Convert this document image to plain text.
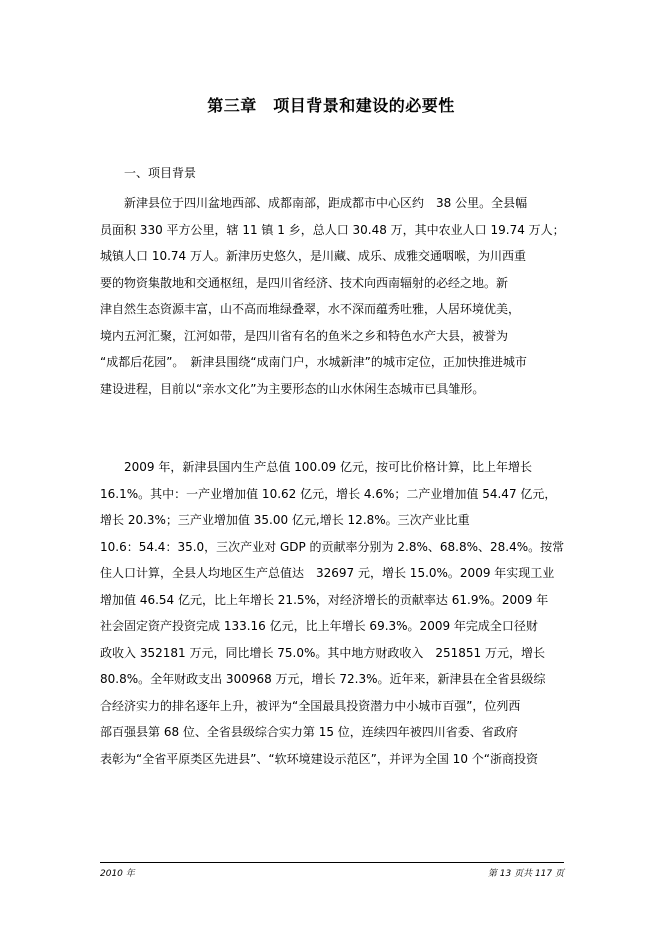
第三章　项目背景和建设的必要性
一、项目背景
新津县位于四川盆地西部、成都南部，距成都市中心区约　38 公里。全县幅
员面积 330 平方公里，辖 11 镇 1 乡，总人口 30.48 万，其中农业人口 19.74 万人；
城镇人口 10.74 万人。新津历史悠久，是川藏、成乐、成雅交通咽喉，为川西重
要的物资集散地和交通枢纽，是四川省经济、技术向西南辐射的必经之地。新
津自然生态资源丰富，山不高而堆绿叠翠，水不深而蕴秀吐雅，人居环境优美，
境内五河汇聚，江河如带，是四川省有名的鱼米之乡和特色水产大县，被誉为
“成都后花园”。　新津县围绕“成南门户，水城新津”的城市定位，正加快推进城市
建设进程，目前以“亲水文化”为主要形态的山水休闲生态城市已具雏形。
2009 年，新津县国内生产总值 100.09 亿元，按可比价格计算，比上年增长
16.1%。其中：一产业增加值 10.62 亿元，增长 4.6%；二产业增加值 54.47 亿元，
增长 20.3%；三产业增加值 35.00 亿元,增长 12.8%。三次产业比重
10.6：54.4：35.0，三次产业对 GDP 的贡献率分别为 2.8%、68.8%、28.4%。按常
住人口计算，全县人均地区生产总值达　32697 元，增长 15.0%。2009 年实现工业
增加值 46.54 亿元，比上年增长 21.5%，对经济增长的贡献率达 61.9%。2009 年
社会固定资产投资完成 133.16 亿元，比上年增长 69.3%。2009 年完成全口径财
政收入 352181 万元，同比增长 75.0%。其中地方财政收入　251851 万元，增长
80.8%。全年财政支出 300968 万元，增长 72.3%。近年来，新津县在全省县级综
合经济实力的排名逐年上升，被评为“全国最具投资潜力中小城市百强”，位列西
部百强县第 68 位、全省县级综合实力第 15 位，连续四年被四川省委、省政府
表彰为“全省平原类区先进县”、“软环境建设示范区”，并评为全国 10 个“浙商投资
2010 年	第 13 页共 117 页
